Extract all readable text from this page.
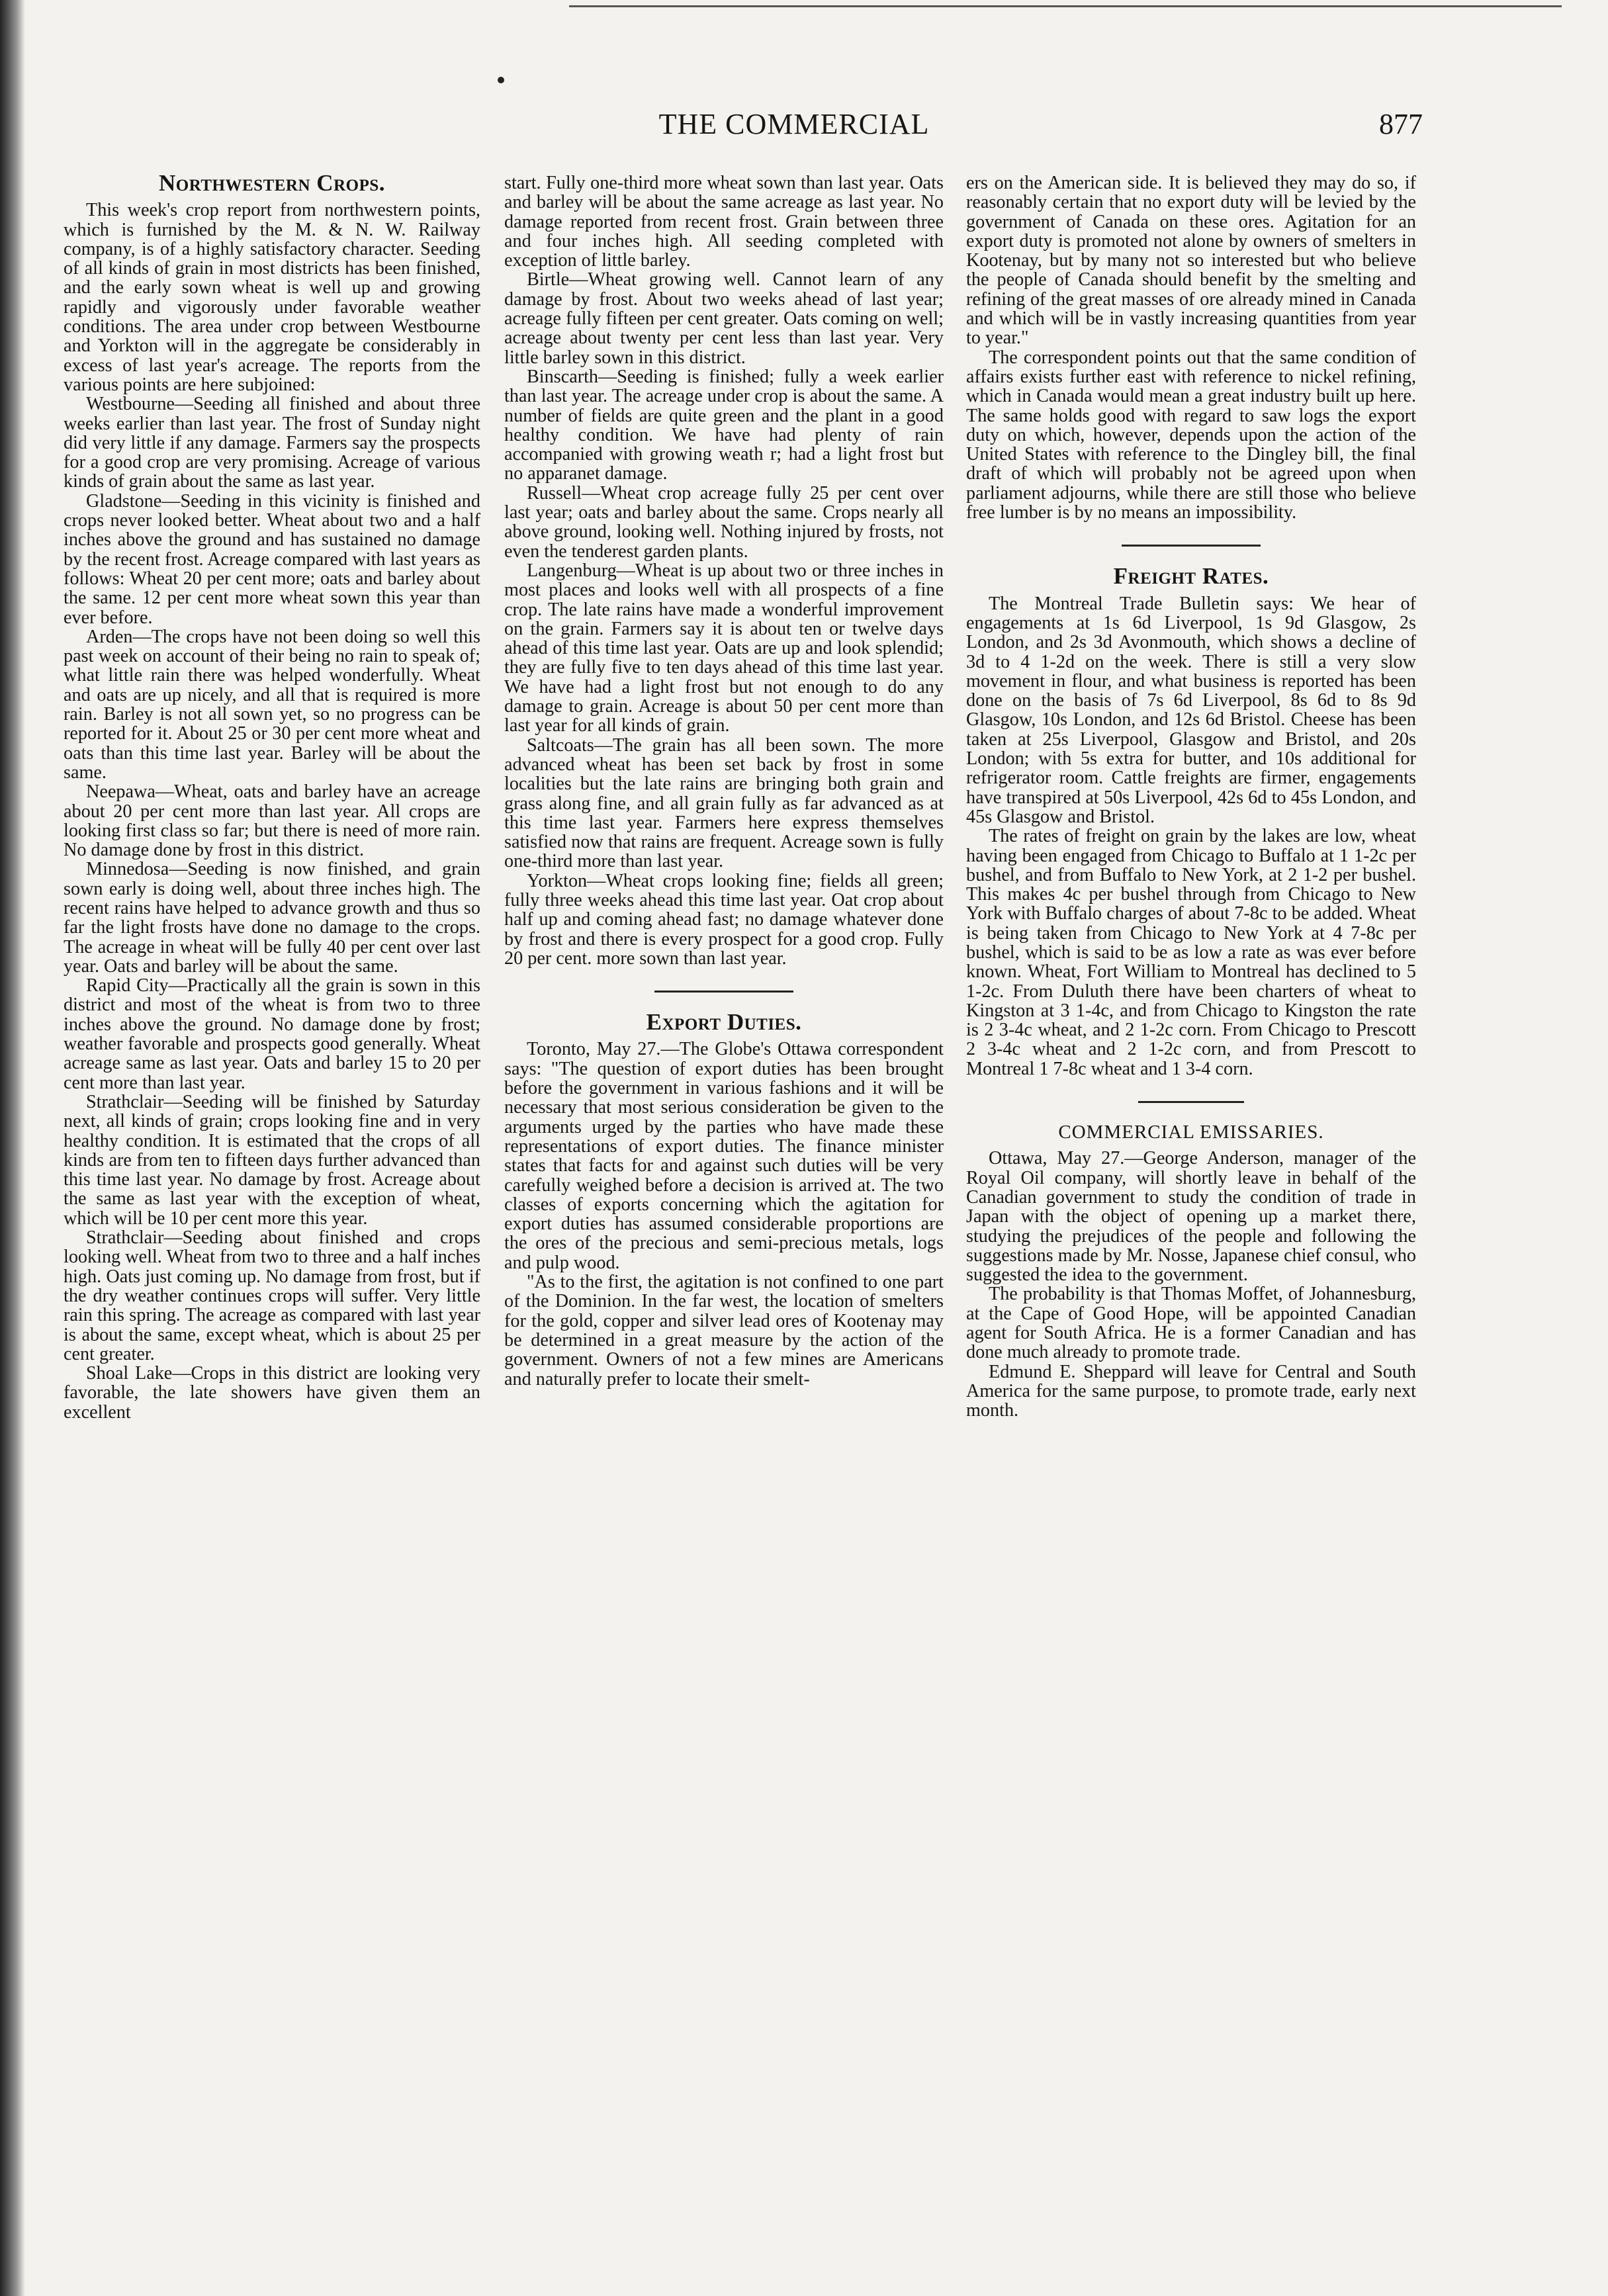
THE COMMERCIAL	877
Northwestern Crops.

This week's crop report from northwestern points, which is furnished by the M. & N. W. Railway company, is of a highly satisfactory character. Seeding of all kinds of grain in most districts has been finished, and the early sown wheat is well up and growing rapidly and vigorously under favorable weather conditions. The area under crop between Westbourne and Yorkton will in the aggregate be considerably in excess of last year's acreage. The reports from the various points are here subjoined:

Westbourne—Seeding all finished and about three weeks earlier than last year. The frost of Sunday night did very little if any damage. Farmers say the prospects for a good crop are very promising. Acreage of various kinds of grain about the same as last year.

Gladstone—Seeding in this vicinity is finished and crops never looked better. Wheat about two and a half inches above the ground and has sustained no damage by the recent frost. Acreage compared with last years as follows: Wheat 20 per cent more; oats and barley about the same. 12 per cent more wheat sown this year than ever before.

Arden—The crops have not been doing so well this past week on account of their being no rain to speak of; what little rain there was helped wonderfully. Wheat and oats are up nicely, and all that is required is more rain. Barley is not all sown yet, so no progress can be reported for it. About 25 or 30 per cent more wheat and oats than this time last year. Barley will be about the same.

Neepawa—Wheat, oats and barley have an acreage about 20 per cent more than last year. All crops are looking first class so far; but there is need of more rain. No damage done by frost in this district.

Minnedosa—Seeding is now finished, and grain sown early is doing well, about three inches high. The recent rains have helped to advance growth and thus so far the light frosts have done no damage to the crops. The acreage in wheat will be fully 40 per cent over last year. Oats and barley will be about the same.

Rapid City—Practically all the grain is sown in this district and most of the wheat is from two to three inches above the ground. No damage done by frost; weather favorable and prospects good generally. Wheat acreage same as last year. Oats and barley 15 to 20 per cent more than last year.

Strathclair—Seeding will be finished by Saturday next, all kinds of grain; crops looking fine and in very healthy condition. It is estimated that the crops of all kinds are from ten to fifteen days further advanced than this time last year. No damage by frost. Acreage about the same as last year with the exception of wheat, which will be 10 per cent more this year.

Strathclair—Seeding about finished and crops looking well. Wheat from two to three and a half inches high. Oats just coming up. No damage from frost, but if the dry weather continues crops will suffer. Very little rain this spring. The acreage as compared with last year is about the same, except wheat, which is about 25 per cent greater.

Shoal Lake—Crops in this district are looking very favorable, the late showers have given them an excellent

start. Fully one-third more wheat sown than last year. Oats and barley will be about the same acreage as last year. No damage reported from recent frost. Grain between three and four inches high. All seeding completed with exception of little barley.

Birtle—Wheat growing well. Cannot learn of any damage by frost. About two weeks ahead of last year; acreage fully fifteen per cent greater. Oats coming on well; acreage about twenty per cent less than last year. Very little barley sown in this district.

Binscarth—Seeding is finished; fully a week earlier than last year. The acreage under crop is about the same. A number of fields are quite green and the plant in a good healthy condition. We have had plenty of rain accompanied with growing weath r; had a light frost but no apparanet damage.

Russell—Wheat crop acreage fully 25 per cent over last year; oats and barley about the same. Crops nearly all above ground, looking well. Nothing injured by frosts, not even the tenderest garden plants.

Langenburg—Wheat is up about two or three inches in most places and looks well with all prospects of a fine crop. The late rains have made a wonderful improvement on the grain. Farmers say it is about ten or twelve days ahead of this time last year. Oats are up and look splendid; they are fully five to ten days ahead of this time last year. We have had a light frost but not enough to do any damage to grain. Acreage is about 50 per cent more than last year for all kinds of grain.

Saltcoats—The grain has all been sown. The more advanced wheat has been set back by frost in some localities but the late rains are bringing both grain and grass along fine, and all grain fully as far advanced as at this time last year. Farmers here express themselves satisfied now that rains are frequent. Acreage sown is fully one-third more than last year.

Yorkton—Wheat crops looking fine; fields all green; fully three weeks ahead this time last year. Oat crop about half up and coming ahead fast; no damage whatever done by frost and there is every prospect for a good crop. Fully 20 per cent. more sown than last year.

Export Duties.

Toronto, May 27.—The Globe's Ottawa correspondent says: "The question of export duties has been brought before the government in various fashions and it will be necessary that most serious consideration be given to the arguments urged by the parties who have made these representations of export duties. The finance minister states that facts for and against such duties will be very carefully weighed before a decision is arrived at. The two classes of exports concerning which the agitation for export duties has assumed considerable proportions are the ores of the precious and semi-precious metals, logs and pulp wood.

"As to the first, the agitation is not confined to one part of the Dominion. In the far west, the location of smelters for the gold, copper and silver lead ores of Kootenay may be determined in a great measure by the action of the government. Owners of not a few mines are Americans and naturally prefer to locate their smelt-

ers on the American side. It is believed they may do so, if reasonably certain that no export duty will be levied by the government of Canada on these ores. Agitation for an export duty is promoted not alone by owners of smelters in Kootenay, but by many not so interested but who believe the people of Canada should benefit by the smelting and refining of the great masses of ore already mined in Canada and which will be in vastly increasing quantities from year to year."

The correspondent points out that the same condition of affairs exists further east with reference to nickel refining, which in Canada would mean a great industry built up here. The same holds good with regard to saw logs the export duty on which, however, depends upon the action of the United States with reference to the Dingley bill, the final draft of which will probably not be agreed upon when parliament adjourns, while there are still those who believe free lumber is by no means an impossibility.

Freight Rates.

The Montreal Trade Bulletin says: We hear of engagements at 1s 6d Liverpool, 1s 9d Glasgow, 2s London, and 2s 3d Avonmouth, which shows a decline of 3d to 4 1-2d on the week. There is still a very slow movement in flour, and what business is reported has been done on the basis of 7s 6d Liverpool, 8s 6d to 8s 9d Glasgow, 10s London, and 12s 6d Bristol. Cheese has been taken at 25s Liverpool, Glasgow and Bristol, and 20s London; with 5s extra for butter, and 10s additional for refrigerator room. Cattle freights are firmer, engagements have transpired at 50s Liverpool, 42s 6d to 45s London, and 45s Glasgow and Bristol.

The rates of freight on grain by the lakes are low, wheat having been engaged from Chicago to Buffalo at 1 1-2c per bushel, and from Buffalo to New York, at 2 1-2 per bushel. This makes 4c per bushel through from Chicago to New York with Buffalo charges of about 7-8c to be added. Wheat is being taken from Chicago to New York at 4 7-8c per bushel, which is said to be as low a rate as was ever before known. Wheat, Fort William to Montreal has declined to 5 1-2c. From Duluth there have been charters of wheat to Kingston at 3 1-4c, and from Chicago to Kingston the rate is 2 3-4c wheat, and 2 1-2c corn. From Chicago to Prescott 2 3-4c wheat and 2 1-2c corn, and from Prescott to Montreal 1 7-8c wheat and 1 3-4 corn.

COMMERCIAL EMISSARIES.

Ottawa, May 27.—George Anderson, manager of the Royal Oil company, will shortly leave in behalf of the Canadian government to study the condition of trade in Japan with the object of opening up a market there, studying the prejudices of the people and following the suggestions made by Mr. Nosse, Japanese chief consul, who suggested the idea to the government.

The probability is that Thomas Moffet, of Johannesburg, at the Cape of Good Hope, will be appointed Canadian agent for South Africa. He is a former Canadian and has done much already to promote trade.

Edmund E. Sheppard will leave for Central and South America for the same purpose, to promote trade, early next month.
